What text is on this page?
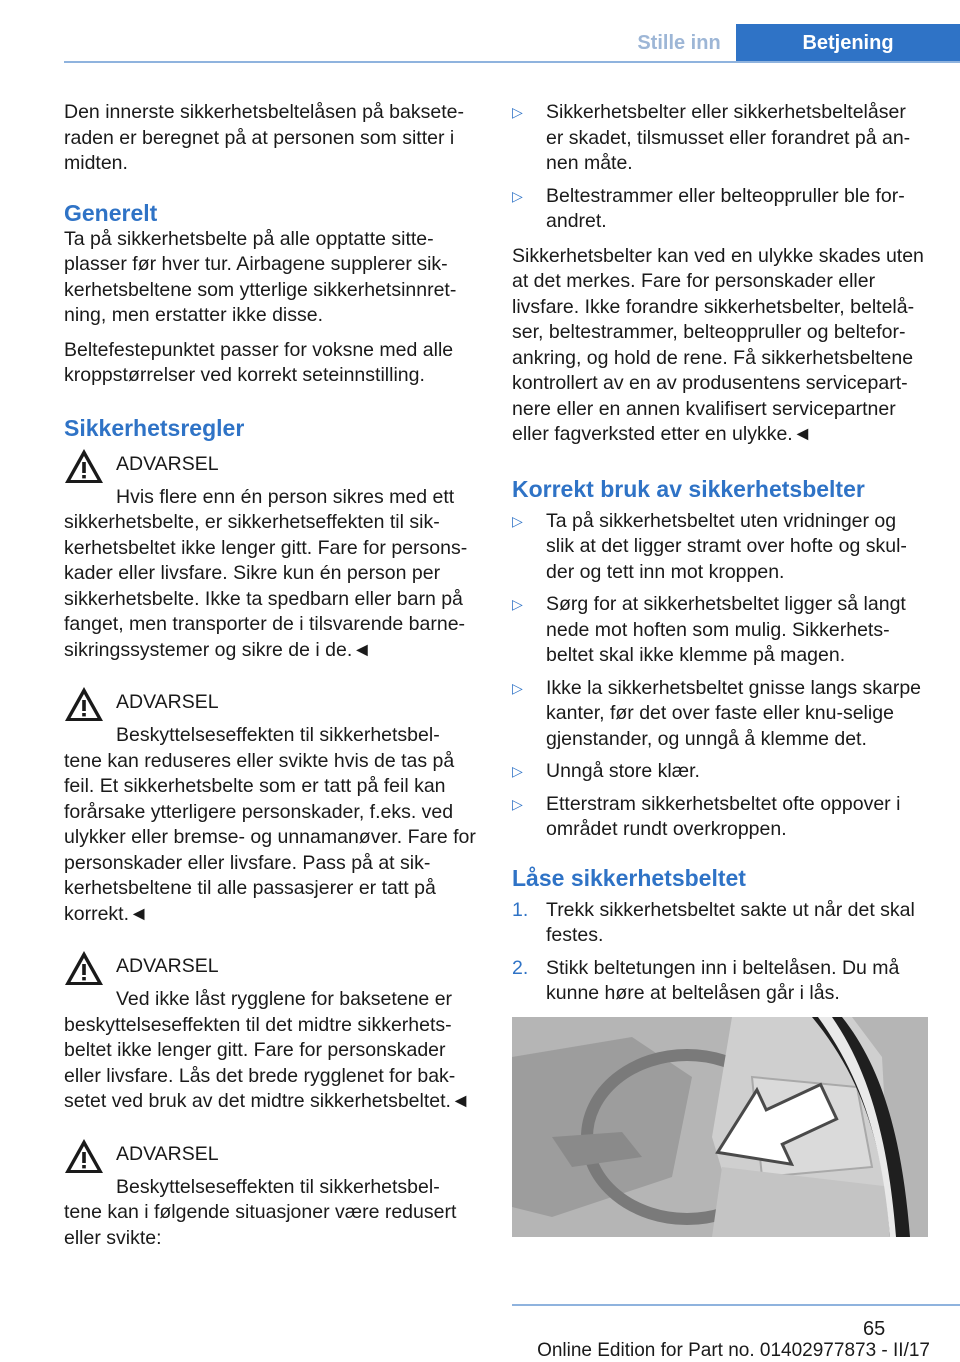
Stille inn	Betjening

Den innerste sikkerhetsbeltelåsen på baksete-raden er beregnet på at personen som sitter i midten.

Generelt

Ta på sikkerhetsbelte på alle opptatte sitte-plasser før hver tur. Airbagene supplerer sik-kerhetsbeltene som ytterlige sikkerhetsinnret-ning, men erstatter ikke disse.

Beltefestepunktet passer for voksne med alle kroppstørrelser ved korrekt seteinnstilling.

Sikkerhetsregler
ADVARSEL

Hvis flere enn én person sikres med ett
sikkerhetsbelte, er sikkerhetseffekten til sik-kerhetsbeltet ikke lenger gitt. Fare for persons-kader eller livsfare. Sikre kun én person per sikkerhetsbelte. Ikke ta spedbarn eller barn på fanget, men transporter de i tilsvarende barne-sikringssystemer og sikre de i de.◄

ADVARSEL

Beskyttelseseffekten til sikkerhetsbel-
tene kan reduseres eller svikte hvis de tas på feil. Et sikkerhetsbelte som er tatt på feil kan forårsake ytterligere personskader, f.eks. ved ulykker eller bremse- og unnamanøver. Fare for personskader eller livsfare. Pass på at sik-kerhetsbeltene til alle passasjerer er tatt på korrekt.◄

ADVARSEL

Ved ikke låst rygglene for baksetene er
beskyttelseseffekten til det midtre sikkerhets-beltet ikke lenger gitt. Fare for personskader eller livsfare. Lås det brede rygglenet for bak-setet ved bruk av det midtre sikkerhetsbeltet.◄

ADVARSEL

Beskyttelseseffekten til sikkerhetsbel-
tene kan i følgende situasjoner være redusert eller svikte:

▷	Sikkerhetsbelter eller sikkerhetsbeltelåser er skadet, tilsmusset eller forandret på an-nen måte.
▷	Beltestrammer eller belteoppruller ble for-andret.

Sikkerhetsbelter kan ved en ulykke skades uten at det merkes. Fare for personskader eller livsfare. Ikke forandre sikkerhetsbelter, beltelå-ser, beltestrammer, belteoppruller og beltefor-ankring, og hold de rene. Få sikkerhetsbeltene kontrollert av en av produsentens servicepart-nere eller en annen kvalifisert servicepartner eller fagverksted etter en ulykke.◄

Korrekt bruk av sikkerhetsbelter
▷	Ta på sikkerhetsbeltet uten vridninger og slik at det ligger stramt over hofte og skul-der og tett inn mot kroppen.
▷	Sørg for at sikkerhetsbeltet ligger så langt nede mot hoften som mulig. Sikkerhets-beltet skal ikke klemme på magen.
▷	Ikke la sikkerhetsbeltet gnisse langs skarpe kanter, før det over faste eller knu-selige gjenstander, og unngå å klemme det.
▷	Unngå store klær.
▷	Etterstram sikkerhetsbeltet ofte oppover i området rundt overkroppen.
Låse sikkerhetsbeltet
1. Trekk sikkerhetsbeltet sakte ut når det skal festes.
2. Stikk beltetungen inn i beltelåsen. Du må kunne høre at beltelåsen går i lås.
65
Online Edition for Part no. 01402977873 - II/17
